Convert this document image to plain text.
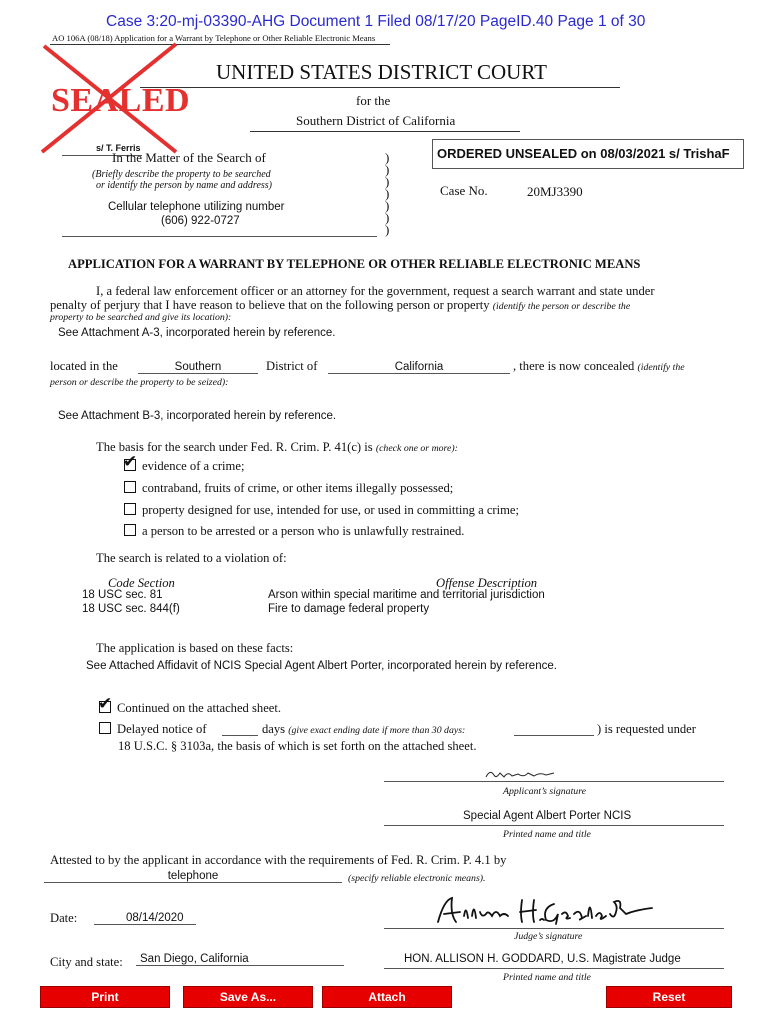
Case 3:20-mj-03390-AHG Document 1 Filed 08/17/20 PageID.40 Page 1 of 30
AO 106A (08/18) Application for a Warrant by Telephone or Other Reliable Electronic Means
SEALED
UNITED STATES DISTRICT COURT
for the
Southern District of California
s/ T. Ferris
In the Matter of the Search of
(Briefly describe the property to be searched
or identify the person by name and address)
Cellular telephone utilizing number
(606) 922-0727
)
)
)
)
)
)
)
ORDERED UNSEALED on 08/03/2021 s/ TrishaF
Case No.	20MJ3390
APPLICATION FOR A WARRANT BY TELEPHONE OR OTHER RELIABLE ELECTRONIC MEANS
I, a federal law enforcement officer or an attorney for the government, request a search warrant and state under
penalty of perjury that I have reason to believe that on the following person or property (identify the person or describe the
property to be searched and give its location):
See Attachment A-3, incorporated herein by reference.
located in the	Southern	District of	California	, there is now concealed (identify the
person or describe the property to be seized):
See Attachment B-3, incorporated herein by reference.
The basis for the search under Fed. R. Crim. P. 41(c) is (check one or more):
✔ evidence of a crime;
contraband, fruits of crime, or other items illegally possessed;
property designed for use, intended for use, or used in committing a crime;
a person to be arrested or a person who is unlawfully restrained.
The search is related to a violation of:
Code Section	Offense Description
18 USC sec. 81	Arson within special maritime and territorial jurisdiction
18 USC sec. 844(f)	Fire to damage federal property
The application is based on these facts:
See Attached Affidavit of NCIS Special Agent Albert Porter, incorporated herein by reference.
✔ Continued on the attached sheet.
Delayed notice of	days (give exact ending date if more than 30 days:	) is requested under
18 U.S.C. § 3103a, the basis of which is set forth on the attached sheet.
Applicant’s signature
Special Agent Albert Porter NCIS
Printed name and title
Attested to by the applicant in accordance with the requirements of Fed. R. Crim. P. 4.1 by
telephone	(specify reliable electronic means).
Date:	08/14/2020
Judge’s signature
City and state:	San Diego, California	HON. ALLISON H. GODDARD, U.S. Magistrate Judge
Printed name and title
Print	Save As...	Attach	Reset
